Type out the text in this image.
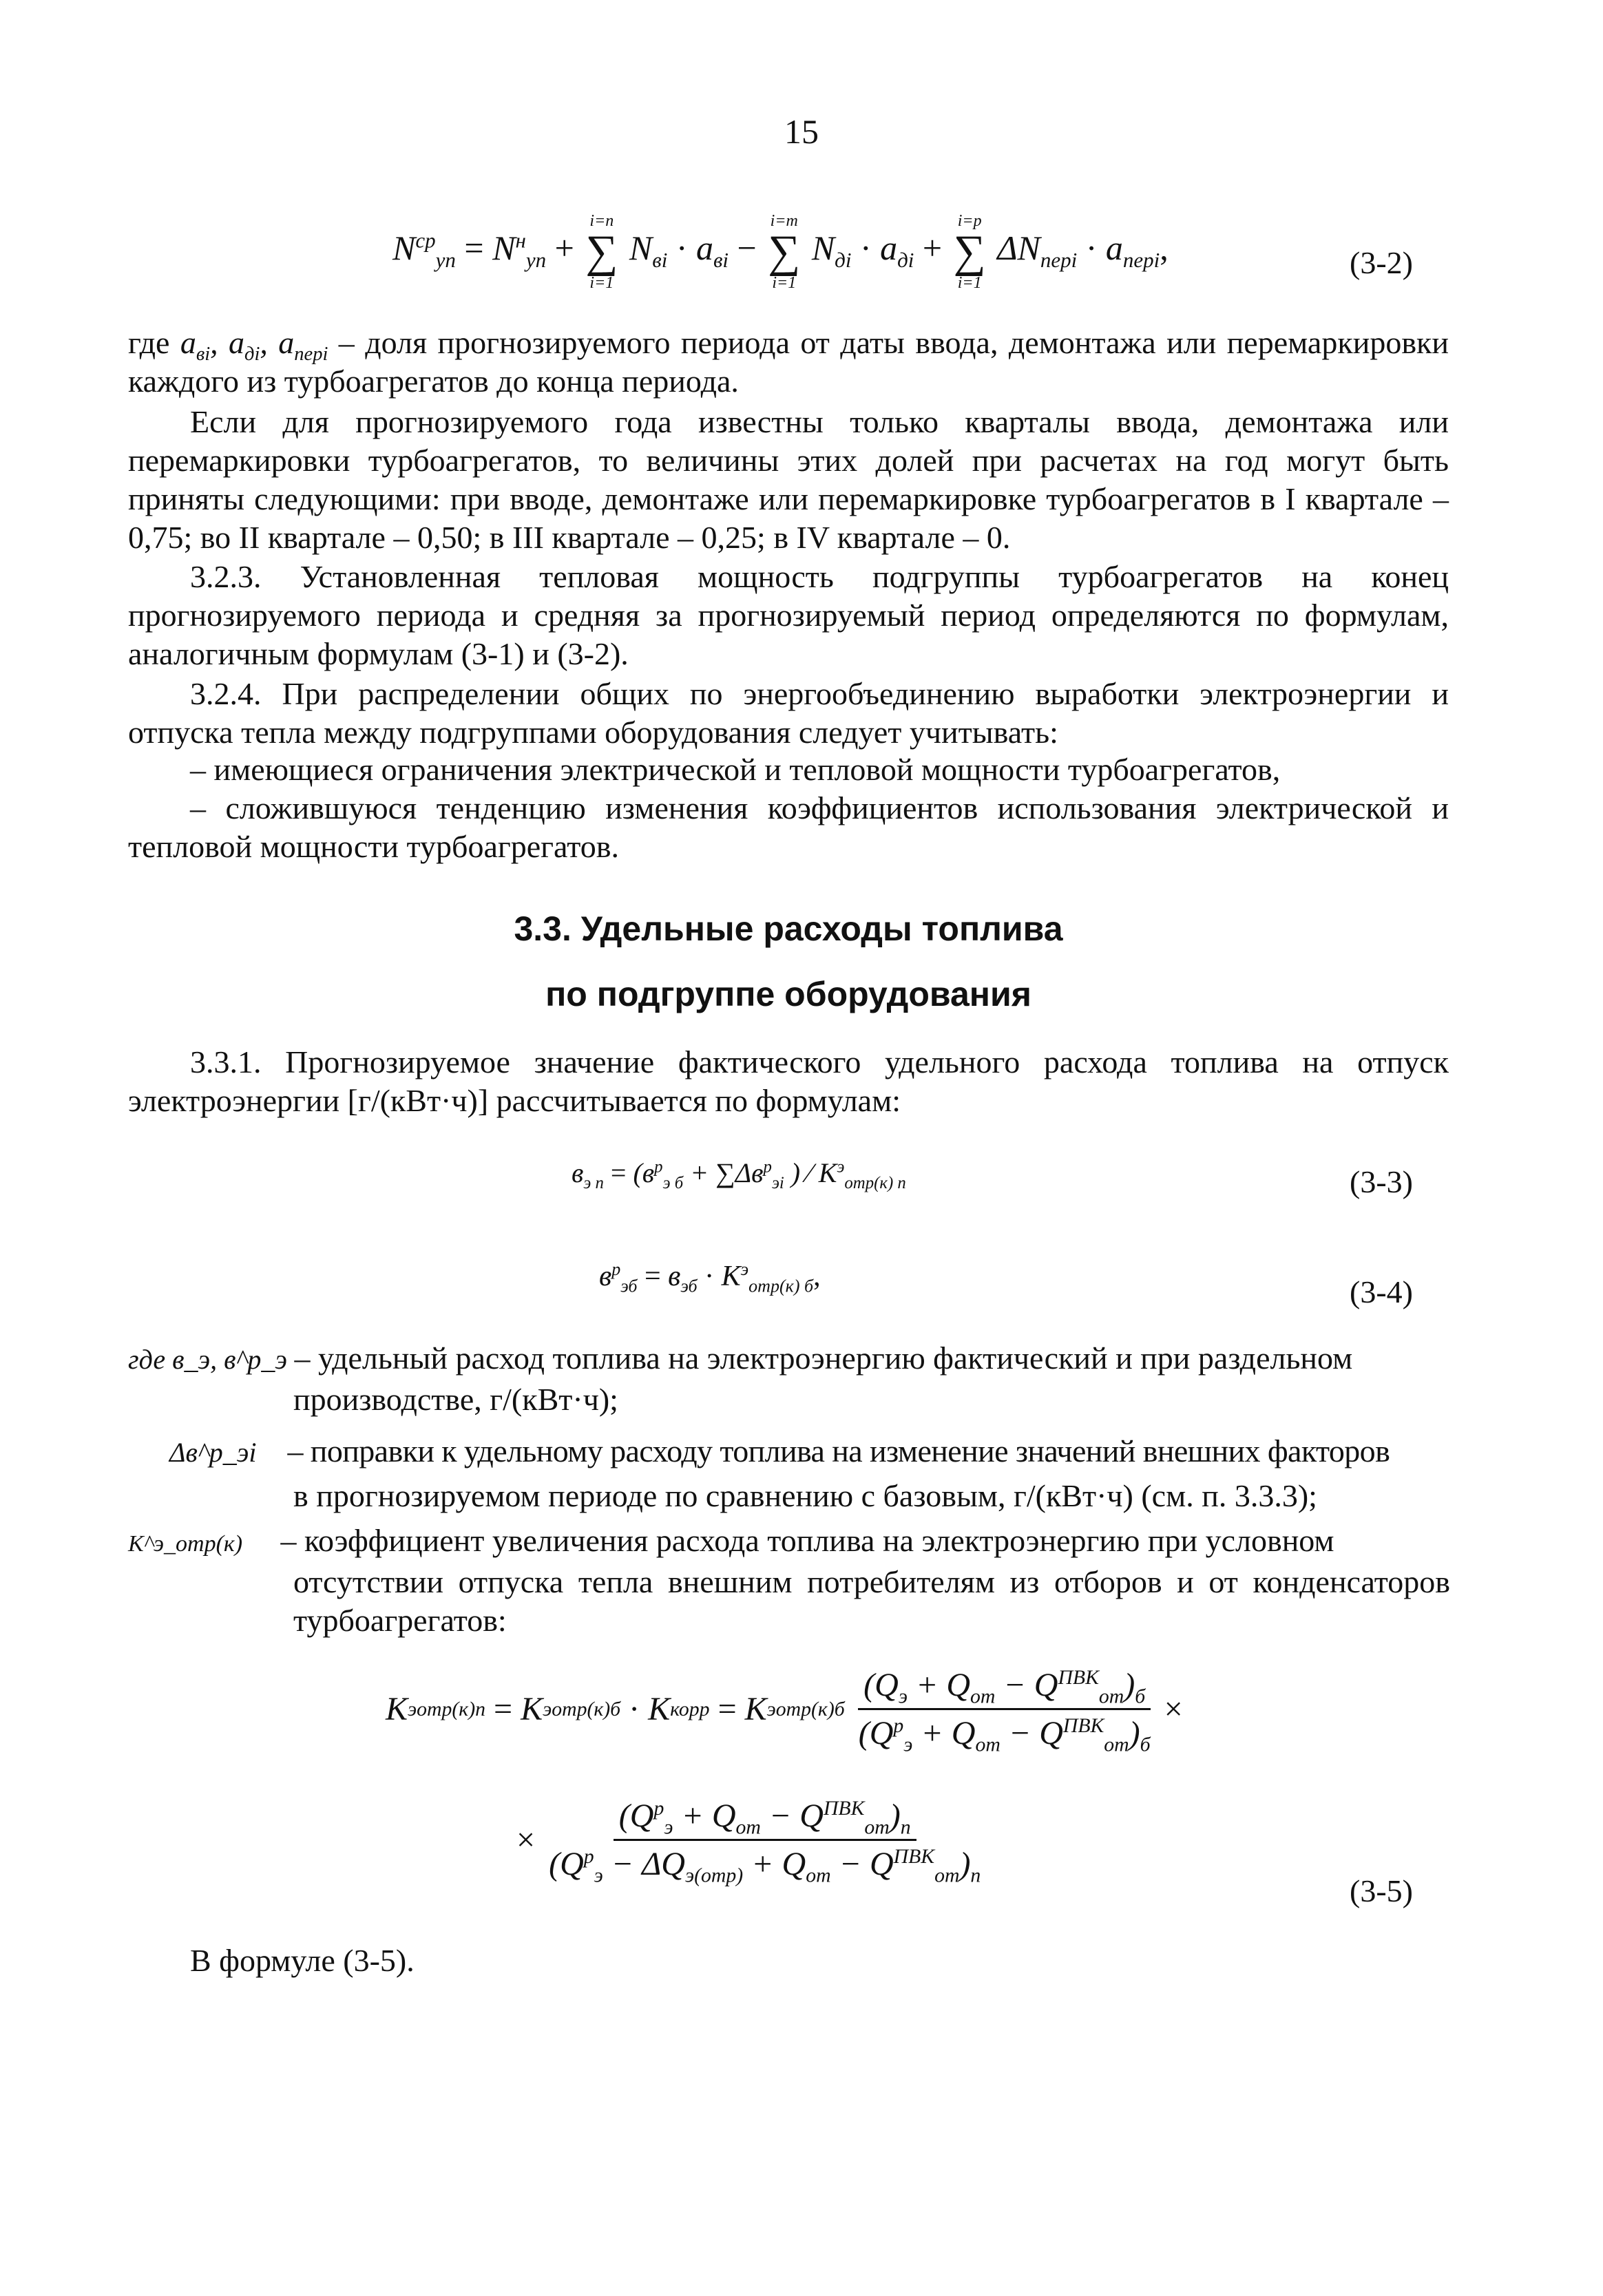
15
$N^{ср}_{уп} = N^н_{уп}$ +
i=n
∑
i=1
$N_{вi} \cdot a_{вi}$ −
i=m
∑
i=1
$N_{дi} \cdot a_{дi}$ +
i=p
∑
i=1
$\Delta N_{перi} \cdot a_{перi}$,	(3-2)
где $a_{вi}$, $a_{дi}$, $a_{перi}$ – доля прогнозируемого периода от даты ввода, демонтажа или перемаркировки каждого из турбоагрегатов до конца периода.
Если для прогнозируемого года известны только кварталы ввода, демонтажа или перемаркировки турбоагрегатов, то величины этих долей при расчетах на год могут быть приняты следующими: при вводе, демонтаже или перемаркировке турбоагрегатов в I квартале – 0,75; во II квартале – 0,50; в III квартале – 0,25; в IV квартале – 0.
3.2.3. Установленная тепловая мощность подгруппы турбоагрегатов на конец прогнозируемого периода и средняя за прогнозируемый период определяются по формулам, аналогичным формулам (3-1) и (3-2).
3.2.4. При распределении общих по энергообъединению выработки электроэнергии и отпуска тепла между подгруппами оборудования следует учитывать:
– имеющиеся ограничения электрической и тепловой мощности турбоагрегатов,
– сложившуюся тенденцию изменения коэффициентов использования электрической и тепловой мощности турбоагрегатов.
3.3. Удельные расходы топлива
по подгруппе оборудования
3.3.1. Прогнозируемое значение фактического удельного расхода топлива на отпуск электроэнергии [г/(кВт·ч)] рассчитывается по формулам:
$в_{э п} = (в^р_{э б} + \sum\Delta в^р_{эi}$ ) ⁄ $K^э_{отр(к) п}$	(3-3)
$в^р_{эб} = в_{эб} \cdot K^э_{отр(к) б}$,	(3-4)
где в_э, в^р_э – удельный расход топлива на электроэнергию фактический и при раздельном
производстве, г/(кВт·ч);
Δв^р_эi – поправки к удельному расходу топлива на изменение значений внешних факторов
в прогнозируемом периоде по сравнению с базовым, г/(кВт·ч) (см. п. 3.3.3);
K^э_отр(к) – коэффициент увеличения расхода топлива на электроэнергию при условном
отсутствии отпуска тепла внешним потребителям из отборов и от конденсаторов турбоагрегатов:
K э отр(к)п = K э отр(к)б · K корр = K э $отр(к)б \frac{(Q_э + Q_{от} - Q^{ПВК}_{от})_б}{(Q^р_э + Q_{от} - Q^{ПВК}_{от})_б}$ ×
× $\frac{(Q^р_э + Q_{от} - Q^{ПВК}_{от})_п}{(Q^р_э - \Delta Q_{э(отр)} + Q_{от} - Q^{ПВК}_{от})_п}$
(3-5)
В формуле (3-5).
